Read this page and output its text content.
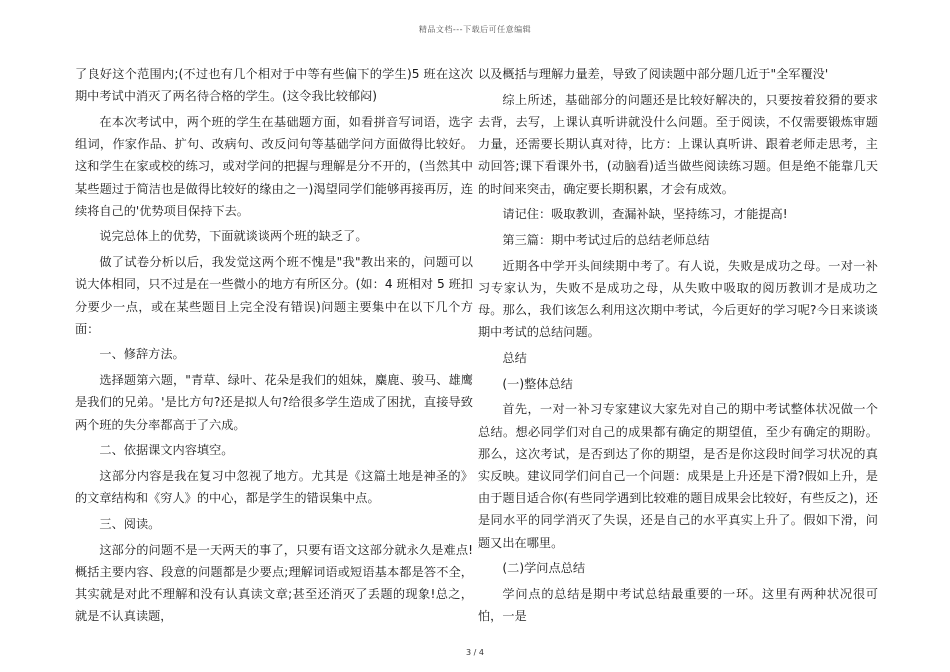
精品文档---下载后可任意编辑

了良好这个范围内;(不过也有几个相对于中等有些偏下的学生)5 班在这次期中考试中消灭了两名待合格的学生。(这令我比较郁闷)

在本次考试中，两个班的学生在基础题方面，如看拼音写词语，选字组词，作家作品、扩句、改病句、改反问句等基础学问方面做得比较好。这和学生在家或校的练习，或对学问的把握与理解是分不开的，(当然其中某些题过于简洁也是做得比较好的缘由之一)渴望同学们能够再接再厉，连续将自己的'优势项目保持下去。

说完总体上的优势，下面就谈谈两个班的缺乏了。

做了试卷分析以后，我发觉这两个班不愧是"我"教出来的，问题可以说大体相同，只不过是在一些微小的地方有所区分。(如：4 班相对 5 班扣分要少一点，或在某些题目上完全没有错误)问题主要集中在以下几个方面：

一、修辞方法。

选择题第六题，"青草、绿叶、花朵是我们的姐妹，麋鹿、骏马、雄鹰是我们的兄弟。'是比方句?还是拟人句?给很多学生造成了困扰，直接导致两个班的失分率都高于了六成。

二、依据课文内容填空。

这部分内容是我在复习中忽视了地方。尤其是《这篇土地是神圣的》的文章结构和《穷人》的中心，都是学生的错误集中点。

三、阅读。

这部分的问题不是一天两天的事了，只要有语文这部分就永久是难点!概括主要内容、段意的问题都是少要点;理解词语或短语基本都是答不全，其实就是对此不理解和没有认真读文章;甚至还消灭了丢题的现象!总之，就是不认真读题，

以及概括与理解力量差，导致了阅读题中部分题几近于"全军覆没'

综上所述，基础部分的问题还是比较好解决的，只要按着狡猾的要求去背，去写，上课认真听讲就没什么问题。至于阅读，不仅需要锻炼审题力量，还需要长期认真对待，比方：上课认真听讲、跟着老师走思考，主动回答;课下看课外书，(动脑看)适当做些阅读练习题。但是绝不能靠几天的时间来突击，确定要长期积累，才会有成效。

请记住：吸取教训，查漏补缺，坚持练习，才能提高!

第三篇：期中考试过后的总结老师总结

近期各中学开头间续期中考了。有人说，失败是成功之母。一对一补习专家认为，失败不是成功之母，从失败中吸取的阅历教训才是成功之母。那么，我们该怎么利用这次期中考试，今后更好的学习呢?今日来谈谈期中考试的总结问题。

总结

(一)整体总结

首先，一对一补习专家建议大家先对自己的期中考试整体状况做一个总结。想必同学们对自己的成果都有确定的期望值，至少有确定的期盼。那么，这次考试，是否到达了你的期望，是否是你这段时间学习状况的真实反映。建议同学们问自己一个问题：成果是上升还是下滑?假如上升，是由于题目适合你(有些同学遇到比较难的题目成果会比较好，有些反之)，还是同水平的同学消灭了失误，还是自己的水平真实上升了。假如下滑，问题又出在哪里。

(二)学问点总结

学问点的总结是期中考试总结最重要的一环。这里有两种状况很可怕，一是

3 / 4
